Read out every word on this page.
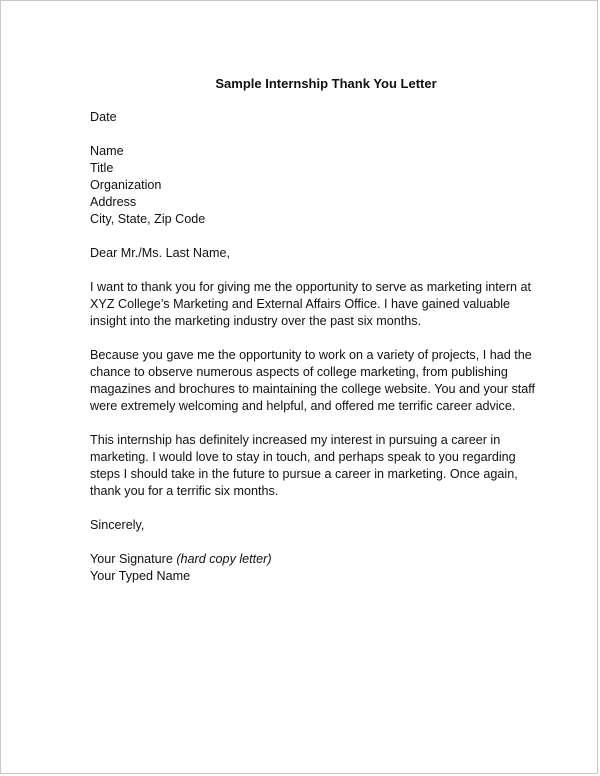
Sample Internship Thank You Letter
Date
Name
Title
Organization
Address
City, State, Zip Code
Dear Mr./Ms. Last Name,
I want to thank you for giving me the opportunity to serve as marketing intern at
XYZ College’s Marketing and External Affairs Office. I have gained valuable
insight into the marketing industry over the past six months.
Because you gave me the opportunity to work on a variety of projects, I had the
chance to observe numerous aspects of college marketing, from publishing
magazines and brochures to maintaining the college website. You and your staff
were extremely welcoming and helpful, and offered me terrific career advice.
This internship has definitely increased my interest in pursuing a career in
marketing. I would love to stay in touch, and perhaps speak to you regarding
steps I should take in the future to pursue a career in marketing. Once again,
thank you for a terrific six months.
Sincerely,
Your Signature (hard copy letter)
Your Typed Name
